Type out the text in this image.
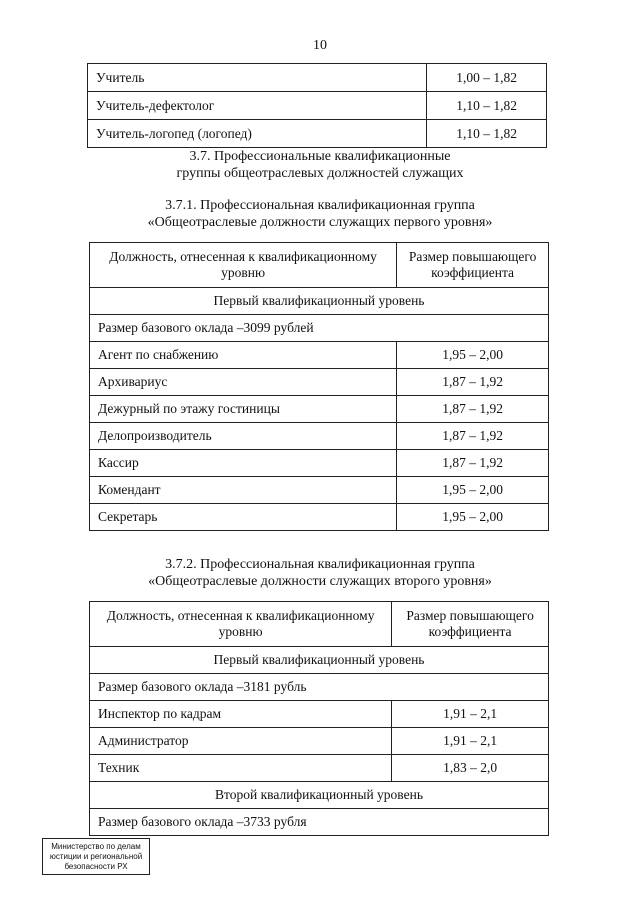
10
Учитель	1,00 – 1,82
Учитель-дефектолог	1,10 – 1,82
Учитель-логопед (логопед)	1,10 – 1,82
3.7. Профессиональные квалификационные
группы общеотраслевых должностей служащих
3.7.1. Профессиональная квалификационная группа
«Общеотраслевые должности служащих первого уровня»
Должность, отнесенная к квалификационному уровню	Размер повышающего коэффициента
Первый квалификационный уровень	
Размер базового оклада –3099 рублей	
Агент по снабжению	1,95 – 2,00
Архивариус	1,87 – 1,92
Дежурный по этажу гостиницы	1,87 – 1,92
Делопроизводитель	1,87 – 1,92
Кассир	1,87 – 1,92
Комендант	1,95 – 2,00
Секретарь	1,95 – 2,00
3.7.2. Профессиональная квалификационная группа
«Общеотраслевые должности служащих второго уровня»
Должность, отнесенная к квалификационному уровню	Размер повышающего коэффициента
Первый квалификационный уровень	
Размер базового оклада –3181 рубль	
Инспектор по кадрам	1,91 – 2,1
Администратор	1,91 – 2,1
Техник	1,83 – 2,0
Второй квалификационный уровень	
Размер базового оклада –3733 рубля	
Министерство по делам
юстиции и региональной
безопасности РХ
